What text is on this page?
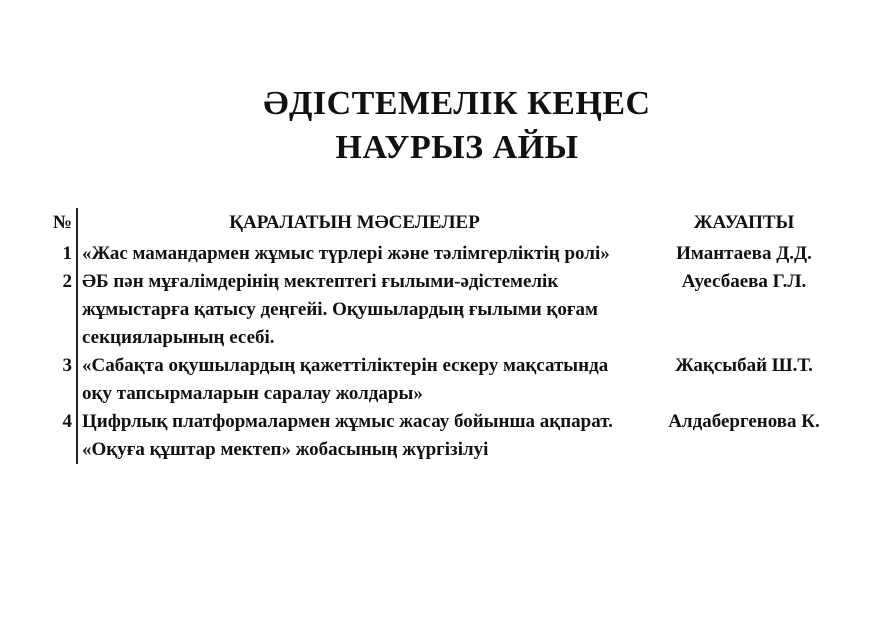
ӘДІСТЕМЕЛІК КЕҢЕС
НАУРЫЗ АЙЫ
№	ҚАРАЛАТЫН МӘСЕЛЕЛЕР	ЖАУАПТЫ
1	«Жас мамандармен жұмыс түрлері және тәлімгерліктің ролі»	Имантаева Д.Д.
2	ӘБ пән мұғалімдерінің мектептегі ғылыми-әдістемелік жұмыстарға қатысу деңгейі. Оқушылардың ғылыми қоғам секцияларының есебі.	Ауесбаева Г.Л.
3	«Сабақта оқушылардың қажеттіліктерін ескеру мақсатында оқу тапсырмаларын саралау жолдары»	Жақсыбай Ш.Т.
4	Цифрлық платформалармен жұмыс жасау бойынша ақпарат. «Оқуға құштар мектеп» жобасының жүргізілуі	Алдабергенова К.
